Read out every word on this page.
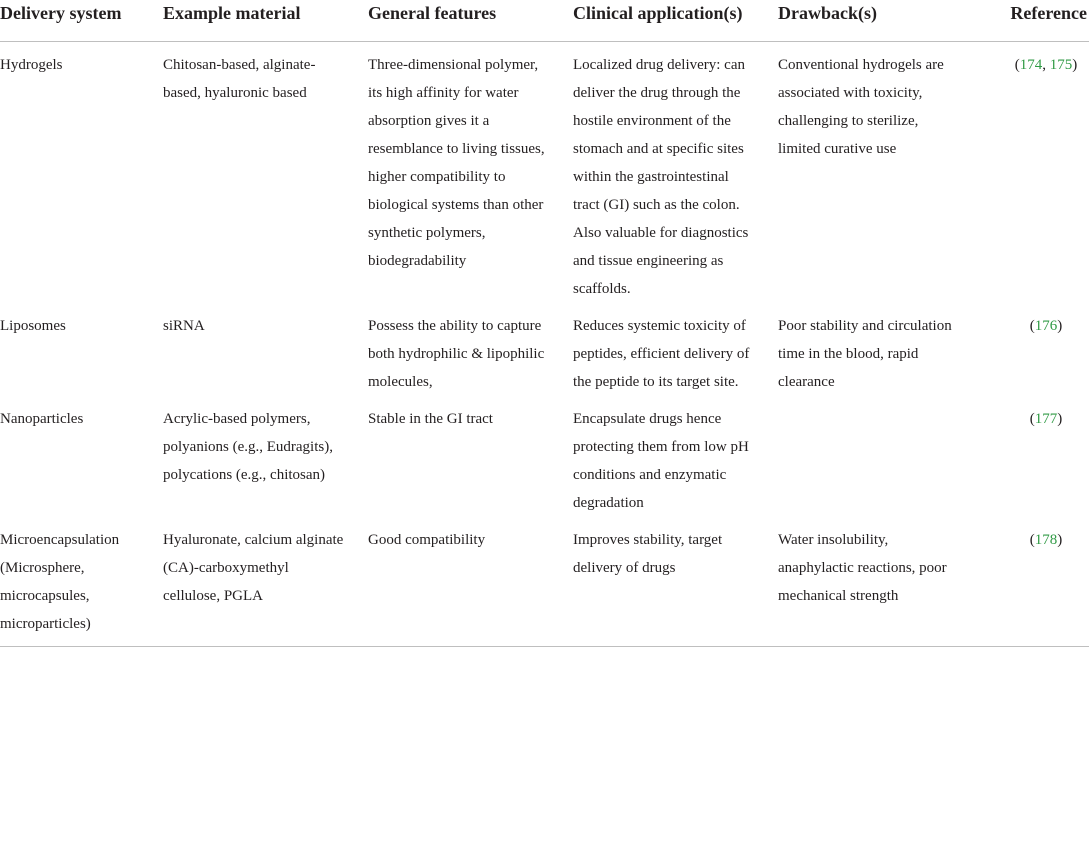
Delivery system	Example material	General features	Clinical application(s)	Drawback(s)	Reference
Hydrogels	Chitosan-based, alginate-based, hyaluronic based	Three-dimensional polymer, its high affinity for water absorption gives it a resemblance to living tissues, higher compatibility to biological systems than other synthetic polymers, biodegradability	Localized drug delivery: can deliver the drug through the hostile environment of the stomach and at specific sites within the gastrointestinal tract (GI) such as the colon. Also valuable for diagnostics and tissue engineering as scaffolds.	Conventional hydrogels are associated with toxicity, challenging to sterilize, limited curative use	(174, 175)
Liposomes	siRNA	Possess the ability to capture both hydrophilic & lipophilic molecules,	Reduces systemic toxicity of peptides, efficient delivery of the peptide to its target site.	Poor stability and circulation time in the blood, rapid clearance	(176)
Nanoparticles	Acrylic-based polymers, polyanions (e.g., Eudragits), polycations (e.g., chitosan)	Stable in the GI tract	Encapsulate drugs hence protecting them from low pH conditions and enzymatic degradation		(177)
Microencapsulation (Microsphere, microcapsules, microparticles)	Hyaluronate, calcium alginate (CA)-carboxymethyl cellulose, PGLA	Good compatibility	Improves stability, target delivery of drugs	Water insolubility, anaphylactic reactions, poor mechanical strength	(178)
